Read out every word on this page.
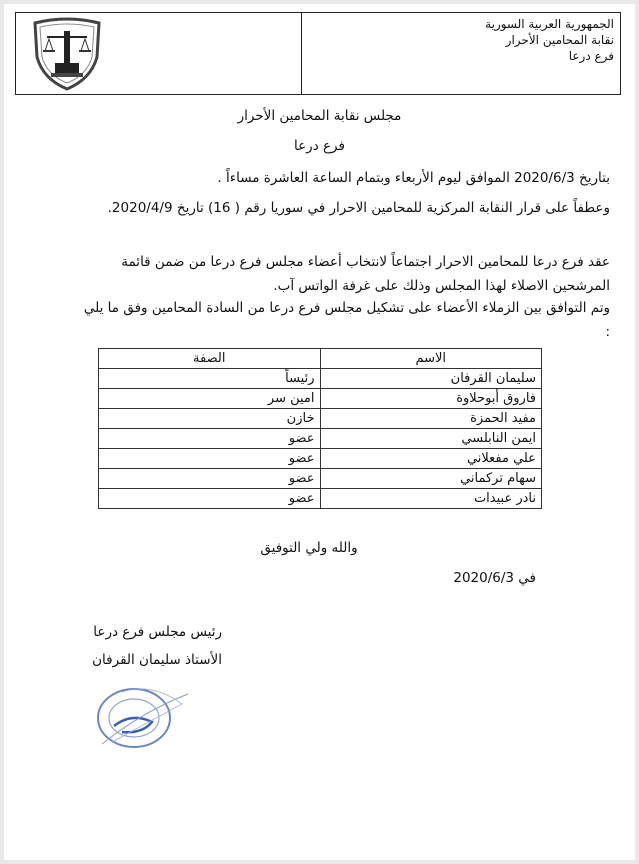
الجمهورية العربية السورية
نقابة المحامين الأحرار
فرع درعا
مجلس نقابة المحامين الأحرار
فرع درعا
بتاريخ 2020/6/3 الموافق ليوم الأربعاء وبتمام الساعة العاشرة مساءاً .
وعطفاً على قرار النقابة المركزية للمحامين الاحرار في سوريا رقم ( 16) تاريخ 2020/4/9.
عقد فرع درعا للمحامين الاحرار اجتماعاً لانتخاب أعضاء مجلس فرع درعا من ضمن قائمة المرشحين الاصلاء لهذا المجلس وذلك على غرفة الواتس آب.
وتم التوافق بين الزملاء الأعضاء على تشكيل مجلس فرع درعا من السادة المحامين وفق ما يلي :
الاسم	الصفة
سليمان القرفان	رئيساً
فاروق أبوحلاوة	امين سر
مفيد الحمزة	خازن
ايمن النابلسي	عضو
علي مفعلاني	عضو
سهام تركماني	عضو
نادر عبيدات	عضو
والله ولي التوفيق
في 2020/6/3
رئيس مجلس فرع درعا
الأستاذ سليمان القرفان
